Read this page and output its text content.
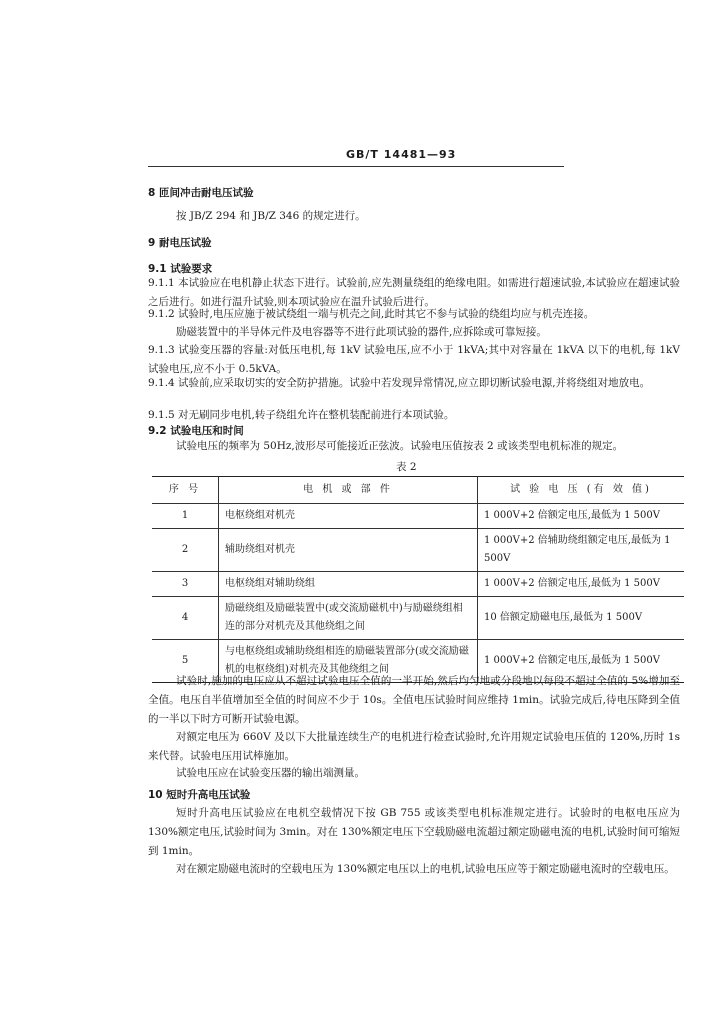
GB/T 14481—93
8 匝间冲击耐电压试验
按 JB/Z 294 和 JB/Z 346 的规定进行。
9 耐电压试验
9.1 试验要求
9.1.1 本试验应在电机静止状态下进行。试验前,应先测量绕组的绝缘电阻。如需进行超速试验,本试验应在超速试验之后进行。如进行温升试验,则本项试验应在温升试验后进行。
9.1.2 试验时,电压应施于被试绕组一端与机壳之间,此时其它不参与试验的绕组均应与机壳连接。
励磁装置中的半导体元件及电容器等不进行此项试验的器件,应拆除或可靠短接。
9.1.3 试验变压器的容量:对低压电机,每 1kV 试验电压,应不小于 1kVA;其中对容量在 1kVA 以下的电机,每 1kV 试验电压,应不小于 0.5kVA。
9.1.4 试验前,应采取切实的安全防护措施。试验中若发现异常情况,应立即切断试验电源,并将绕组对地放电。
9.1.5 对无刷同步电机,转子绕组允许在整机装配前进行本项试验。
9.2 试验电压和时间
试验电压的频率为 50Hz,波形尽可能接近正弦波。试验电压值按表 2 或该类型电机标准的规定。
表 2
序 号	电 机 或 部 件	试 验 电 压 (有 效 值)
1	电枢绕组对机壳	1 000V+2 倍额定电压,最低为 1 500V
2	辅助绕组对机壳	1 000V+2 倍辅助绕组额定电压,最低为 1 500V
3	电枢绕组对辅助绕组	1 000V+2 倍额定电压,最低为 1 500V
4	励磁绕组及励磁装置中(或交流励磁机中)与励磁绕组相连的部分对机壳及其他绕组之间	10 倍额定励磁电压,最低为 1 500V
5	与电枢绕组或辅助绕组相连的励磁装置部分(或交流励磁机的电枢绕组)对机壳及其他绕组之间	1 000V+2 倍额定电压,最低为 1 500V
试验时,施加的电压应从不超过试验电压全值的一半开始,然后均匀地或分段地以每段不超过全值的 5%增加至全值。电压自半值增加至全值的时间应不少于 10s。全值电压试验时间应维持 1min。试验完成后,待电压降到全值的一半以下时方可断开试验电源。
对额定电压为 660V 及以下大批量连续生产的电机进行检查试验时,允许用规定试验电压值的 120%,历时 1s 来代替。试验电压用试棒施加。
试验电压应在试验变压器的输出端测量。
10 短时升高电压试验
短时升高电压试验应在电机空载情况下按 GB 755 或该类型电机标准规定进行。试验时的电枢电压应为 130%额定电压,试验时间为 3min。对在 130%额定电压下空载励磁电流超过额定励磁电流的电机,试验时间可缩短到 1min。
对在额定励磁电流时的空载电压为 130%额定电压以上的电机,试验电压应等于额定励磁电流时的空载电压。
